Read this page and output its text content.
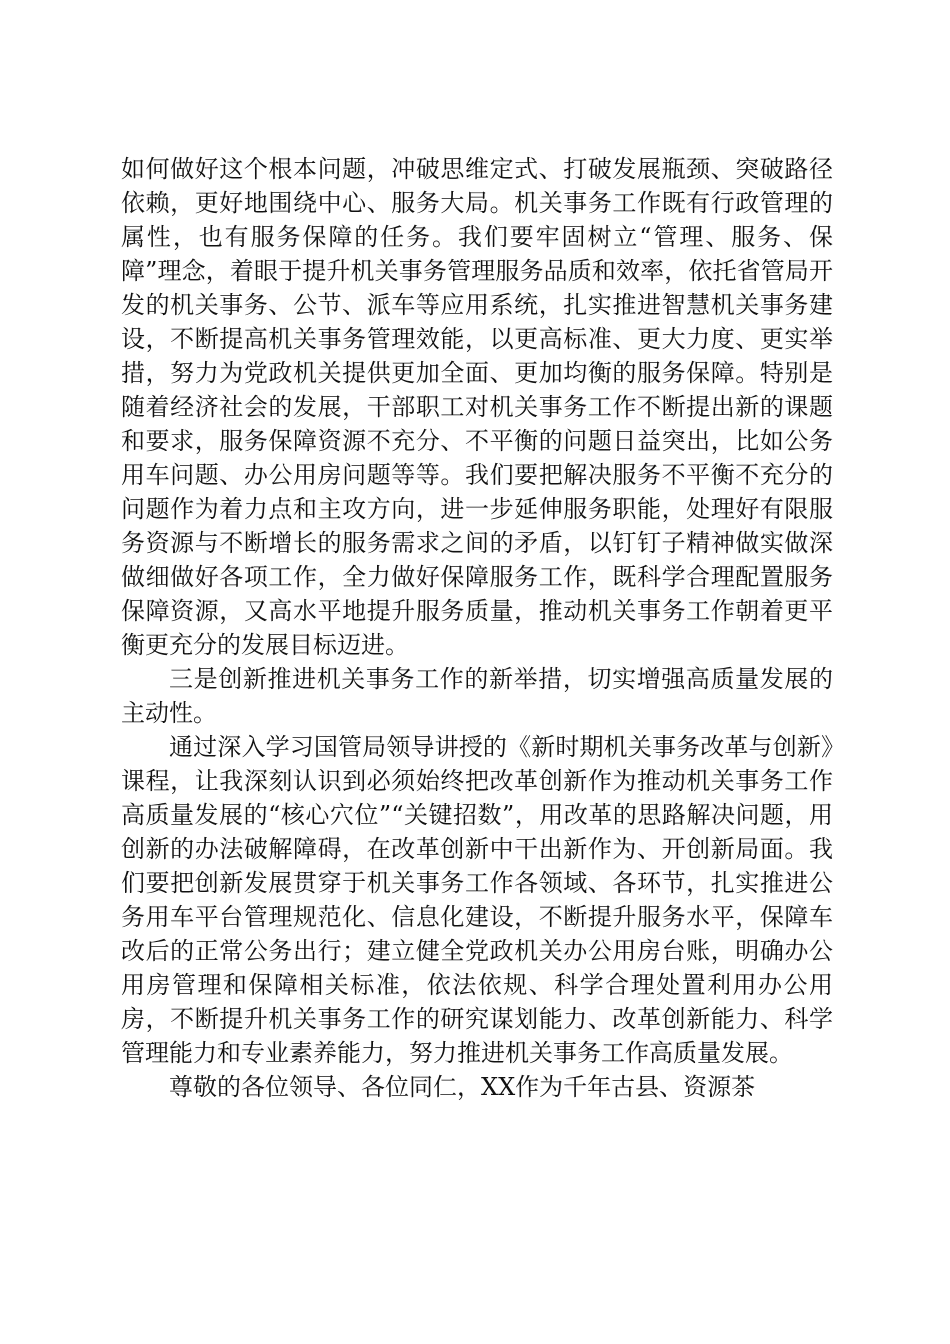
如何做好这个根本问题，冲破思维定式、打破发展瓶颈、突破路径依赖，更好地围绕中心、服务大局。机关事务工作既有行政管理的属性，也有服务保障的任务。我们要牢固树立“管理、服务、保障”理念，着眼于提升机关事务管理服务品质和效率，依托省管局开发的机关事务、公节、派车等应用系统，扎实推进智慧机关事务建设，不断提高机关事务管理效能，以更高标准、更大力度、更实举措，努力为党政机关提供更加全面、更加均衡的服务保障。特别是随着经济社会的发展，干部职工对机关事务工作不断提出新的课题和要求，服务保障资源不充分、不平衡的问题日益突出，比如公务用车问题、办公用房问题等等。我们要把解决服务不平衡不充分的问题作为着力点和主攻方向，进一步延伸服务职能，处理好有限服务资源与不断增长的服务需求之间的矛盾，以钉钉子精神做实做深做细做好各项工作，全力做好保障服务工作，既科学合理配置服务保障资源，又高水平地提升服务质量，推动机关事务工作朝着更平衡更充分的发展目标迈进。

三是创新推进机关事务工作的新举措，切实增强高质量发展的主动性。

通过深入学习国管局领导讲授的《新时期机关事务改革与创新》课程，让我深刻认识到必须始终把改革创新作为推动机关事务工作高质量发展的“核心穴位”“关键招数”，用改革的思路解决问题，用创新的办法破解障碍，在改革创新中干出新作为、开创新局面。我们要把创新发展贯穿于机关事务工作各领域、各环节，扎实推进公务用车平台管理规范化、信息化建设，不断提升服务水平，保障车改后的正常公务出行；建立健全党政机关办公用房台账，明确办公用房管理和保障相关标准，依法依规、科学合理处置利用办公用房，不断提升机关事务工作的研究谋划能力、改革创新能力、科学管理能力和专业素养能力，努力推进机关事务工作高质量发展。

尊敬的各位领导、各位同仁，XX作为千年古县、资源茶
